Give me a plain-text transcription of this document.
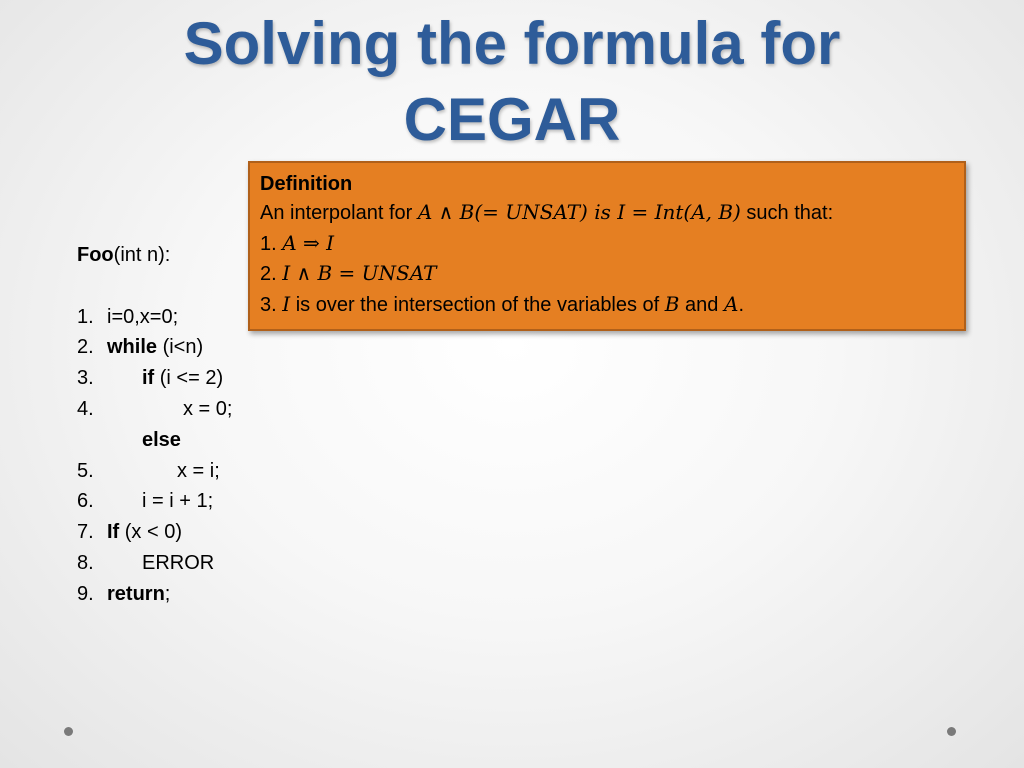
Solving the formula for
CEGAR
Definition
An interpolant for A ∧ B(= UNSAT) is I = Int(A, B) such that:
1. A ⇒ I
2. I ∧ B = UNSAT
3. I is over the intersection of the variables of B and A.
Foo(int n):
1. i=0,x=0;
2. while (i<n)
3. if (i <= 2)
4.	x = 0;
else
5.	x = i;
6. i = i + 1;
7. If (x < 0)
8. ERROR
9. return;
